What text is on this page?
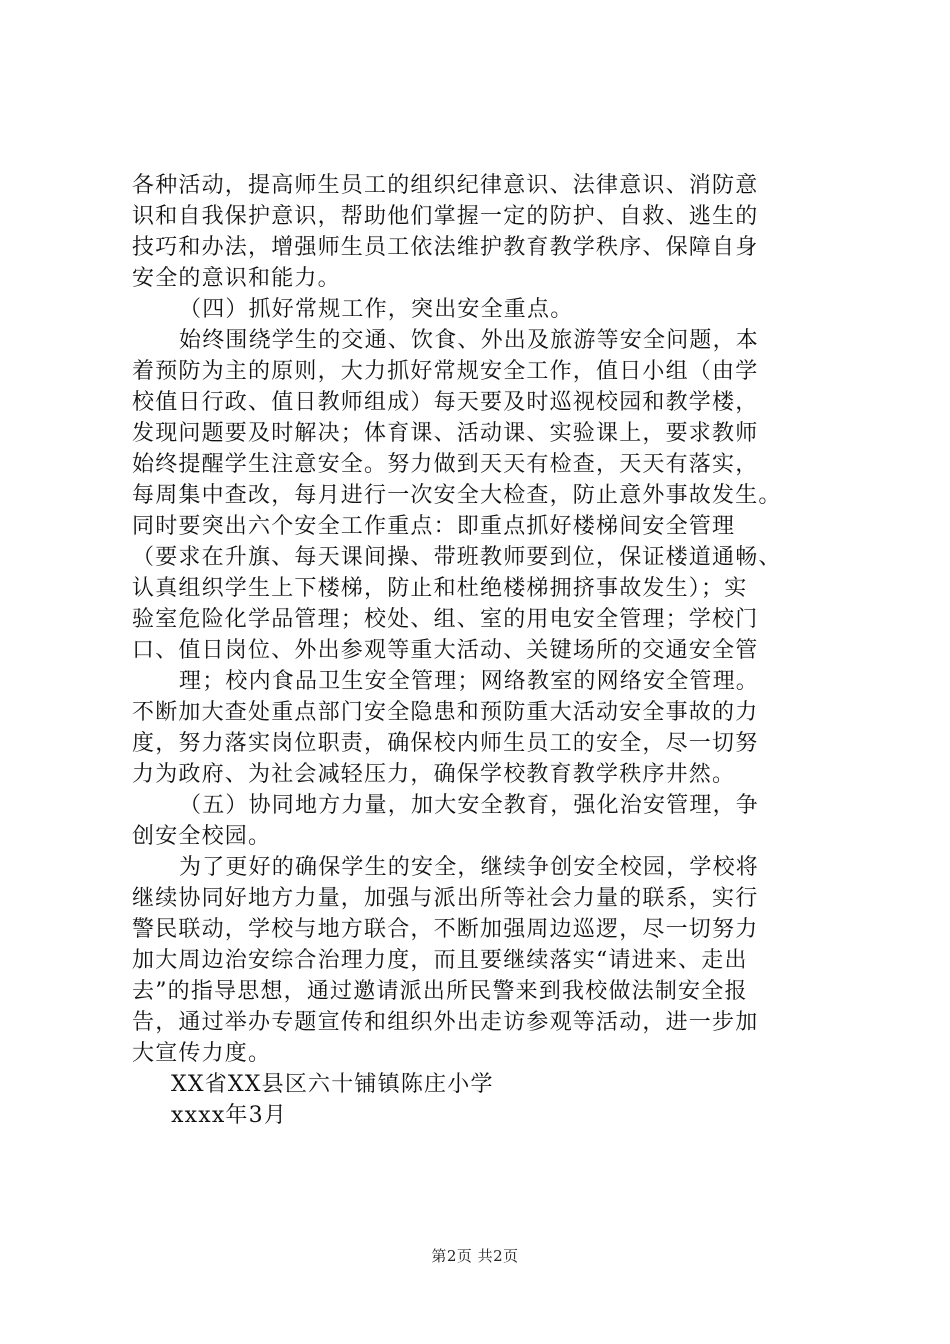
各种活动，提高师生员工的组织纪律意识、法律意识、消防意
识和自我保护意识，帮助他们掌握一定的防护、自救、逃生的
技巧和办法，增强师生员工依法维护教育教学秩序、保障自身
安全的意识和能力。
（四）抓好常规工作，突出安全重点。
始终围绕学生的交通、饮食、外出及旅游等安全问题，本
着预防为主的原则，大力抓好常规安全工作，值日小组（由学
校值日行政、值日教师组成）每天要及时巡视校园和教学楼，
发现问题要及时解决；体育课、活动课、实验课上，要求教师
始终提醒学生注意安全。努力做到天天有检查，天天有落实，
每周集中查改，每月进行一次安全大检查，防止意外事故发生。
同时要突出六个安全工作重点：即重点抓好楼梯间安全管理
（要求在升旗、每天课间操、带班教师要到位，保证楼道通畅、
认真组织学生上下楼梯，防止和杜绝楼梯拥挤事故发生）；实
验室危险化学品管理；校处、组、室的用电安全管理；学校门
口、值日岗位、外出参观等重大活动、关键场所的交通安全管
理；校内食品卫生安全管理；网络教室的网络安全管理。
不断加大查处重点部门安全隐患和预防重大活动安全事故的力
度，努力落实岗位职责，确保校内师生员工的安全，尽一切努
力为政府、为社会减轻压力，确保学校教育教学秩序井然。
（五）协同地方力量，加大安全教育，强化治安管理，争
创安全校园。
为了更好的确保学生的安全，继续争创安全校园，学校将
继续协同好地方力量，加强与派出所等社会力量的联系，实行
警民联动，学校与地方联合，不断加强周边巡逻，尽一切努力
加大周边治安综合治理力度，而且要继续落实“请进来、走出
去”的指导思想，通过邀请派出所民警来到我校做法制安全报
告，通过举办专题宣传和组织外出走访参观等活动，进一步加
大宣传力度。
XX省XX县区六十铺镇陈庄小学
xxxx年3月
第2页 共2页
